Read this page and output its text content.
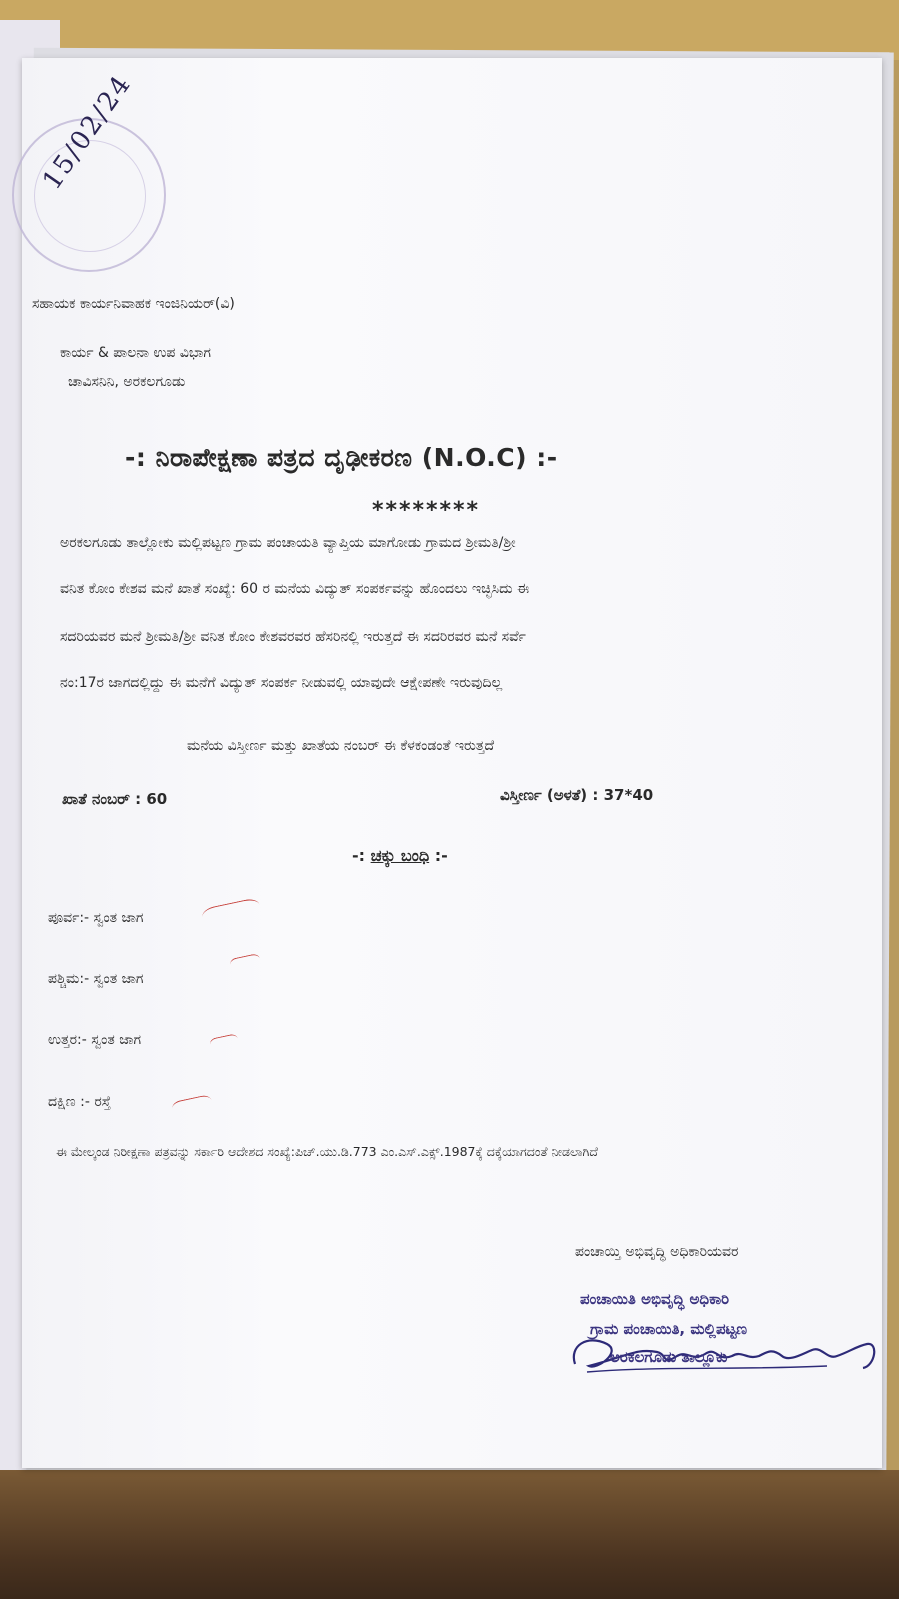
15/02/24
ಸಹಾಯಕ ಕಾರ್ಯನಿವಾಹಕ ಇಂಜಿನಿಯರ್(ವಿ)
ಕಾರ್ಯ & ಪಾಲನಾ ಉಪ ವಿಭಾಗ
ಚಾವಿಸನಿನಿ, ಅರಕಲಗೂಡು
-: ನಿರಾಪೇಕ್ಷಣಾ ಪತ್ರದ ದೃಢೀಕರಣ (N.O.C) :-
********
ಅರಕಲಗೂಡು ತಾಲ್ಲೋಕು ಮಲ್ಲಿಪಟ್ಟಣ ಗ್ರಾಮ ಪಂಚಾಯತಿ ವ್ಯಾಪ್ತಿಯ ಮಾಗೋಡು ಗ್ರಾಮದ ಶ್ರೀಮತಿ/ಶ್ರೀ
ವನಿತ ಕೋಂ ಕೇಶವ ಮನೆ ಖಾತೆ ಸಂಖ್ಯೆ: 60 ರ ಮನೆಯ ವಿದ್ಯುತ್ ಸಂಪರ್ಕವನ್ನು ಹೊಂದಲು ಇಚ್ಛಿಸಿದು ಈ
ಸದರಿಯವರ ಮನೆ ಶ್ರೀಮತಿ/ಶ್ರೀ ವನಿತ ಕೋಂ ಕೇಶವರವರ ಹೆಸರಿನಲ್ಲಿ ಇರುತ್ತದೆ ಈ ಸದರಿರವರ ಮನೆ ಸರ್ವೆ
ನಂ:17ರ ಜಾಗದಲ್ಲಿದ್ದು ಈ ಮನೆಗೆ ವಿದ್ಯುತ್ ಸಂಪರ್ಕ ನೀಡುವಲ್ಲಿ ಯಾವುದೇ ಆಕ್ಷೇಪಣೇ ಇರುವುದಿಲ್ಲ
ಮನೆಯ ವಿಸ್ತೀರ್ಣ ಮತ್ತು ಖಾತೆಯ ನಂಬರ್ ಈ ಕೆಳಕಂಡಂತೆ ಇರುತ್ತದೆ
ಖಾತೆ ನಂಬರ್ : 60	ವಿಸ್ತೀರ್ಣ (ಅಳತೆ) : 37*40
-: ಚಕ್ಕು ಬಂಧಿ :-
ಪೂರ್ವ:- ಸ್ವಂತ ಜಾಗ
ಪಶ್ಚಿಮ:- ಸ್ವಂತ ಜಾಗ
ಉತ್ತರ:- ಸ್ವಂತ ಜಾಗ
ದಕ್ಷಿಣ :- ರಸ್ತೆ
ಈ ಮೇಲ್ಕಂಡ ನಿರೀಕ್ಷಣಾ ಪತ್ರವನ್ನು ಸರ್ಕಾರಿ ಆದೇಶದ ಸಂಖ್ಯೆ:ಪಿಚ್.ಯು.ಡಿ.773 ಎಂ.ಎಸ್.ಎಕ್ಸ್.1987ಕ್ಕೆ ದಕ್ಕೆಯಾಗದಂತೆ ನೀಡಲಾಗಿದೆ
ಪಂಚಾಯ್ತಿ ಅಭಿವೃದ್ಧಿ ಅಧಿಕಾರಿಯವರ
ಪಂಚಾಯಿತಿ ಅಭಿವೃದ್ಧಿ ಅಧಿಕಾರಿ
ಗ್ರಾಮ ಪಂಚಾಯಿತಿ, ಮಲ್ಲಿಪಟ್ಟಣ
ಅರಕಲಗೂಡು ತಾಲ್ಲೂಕು
